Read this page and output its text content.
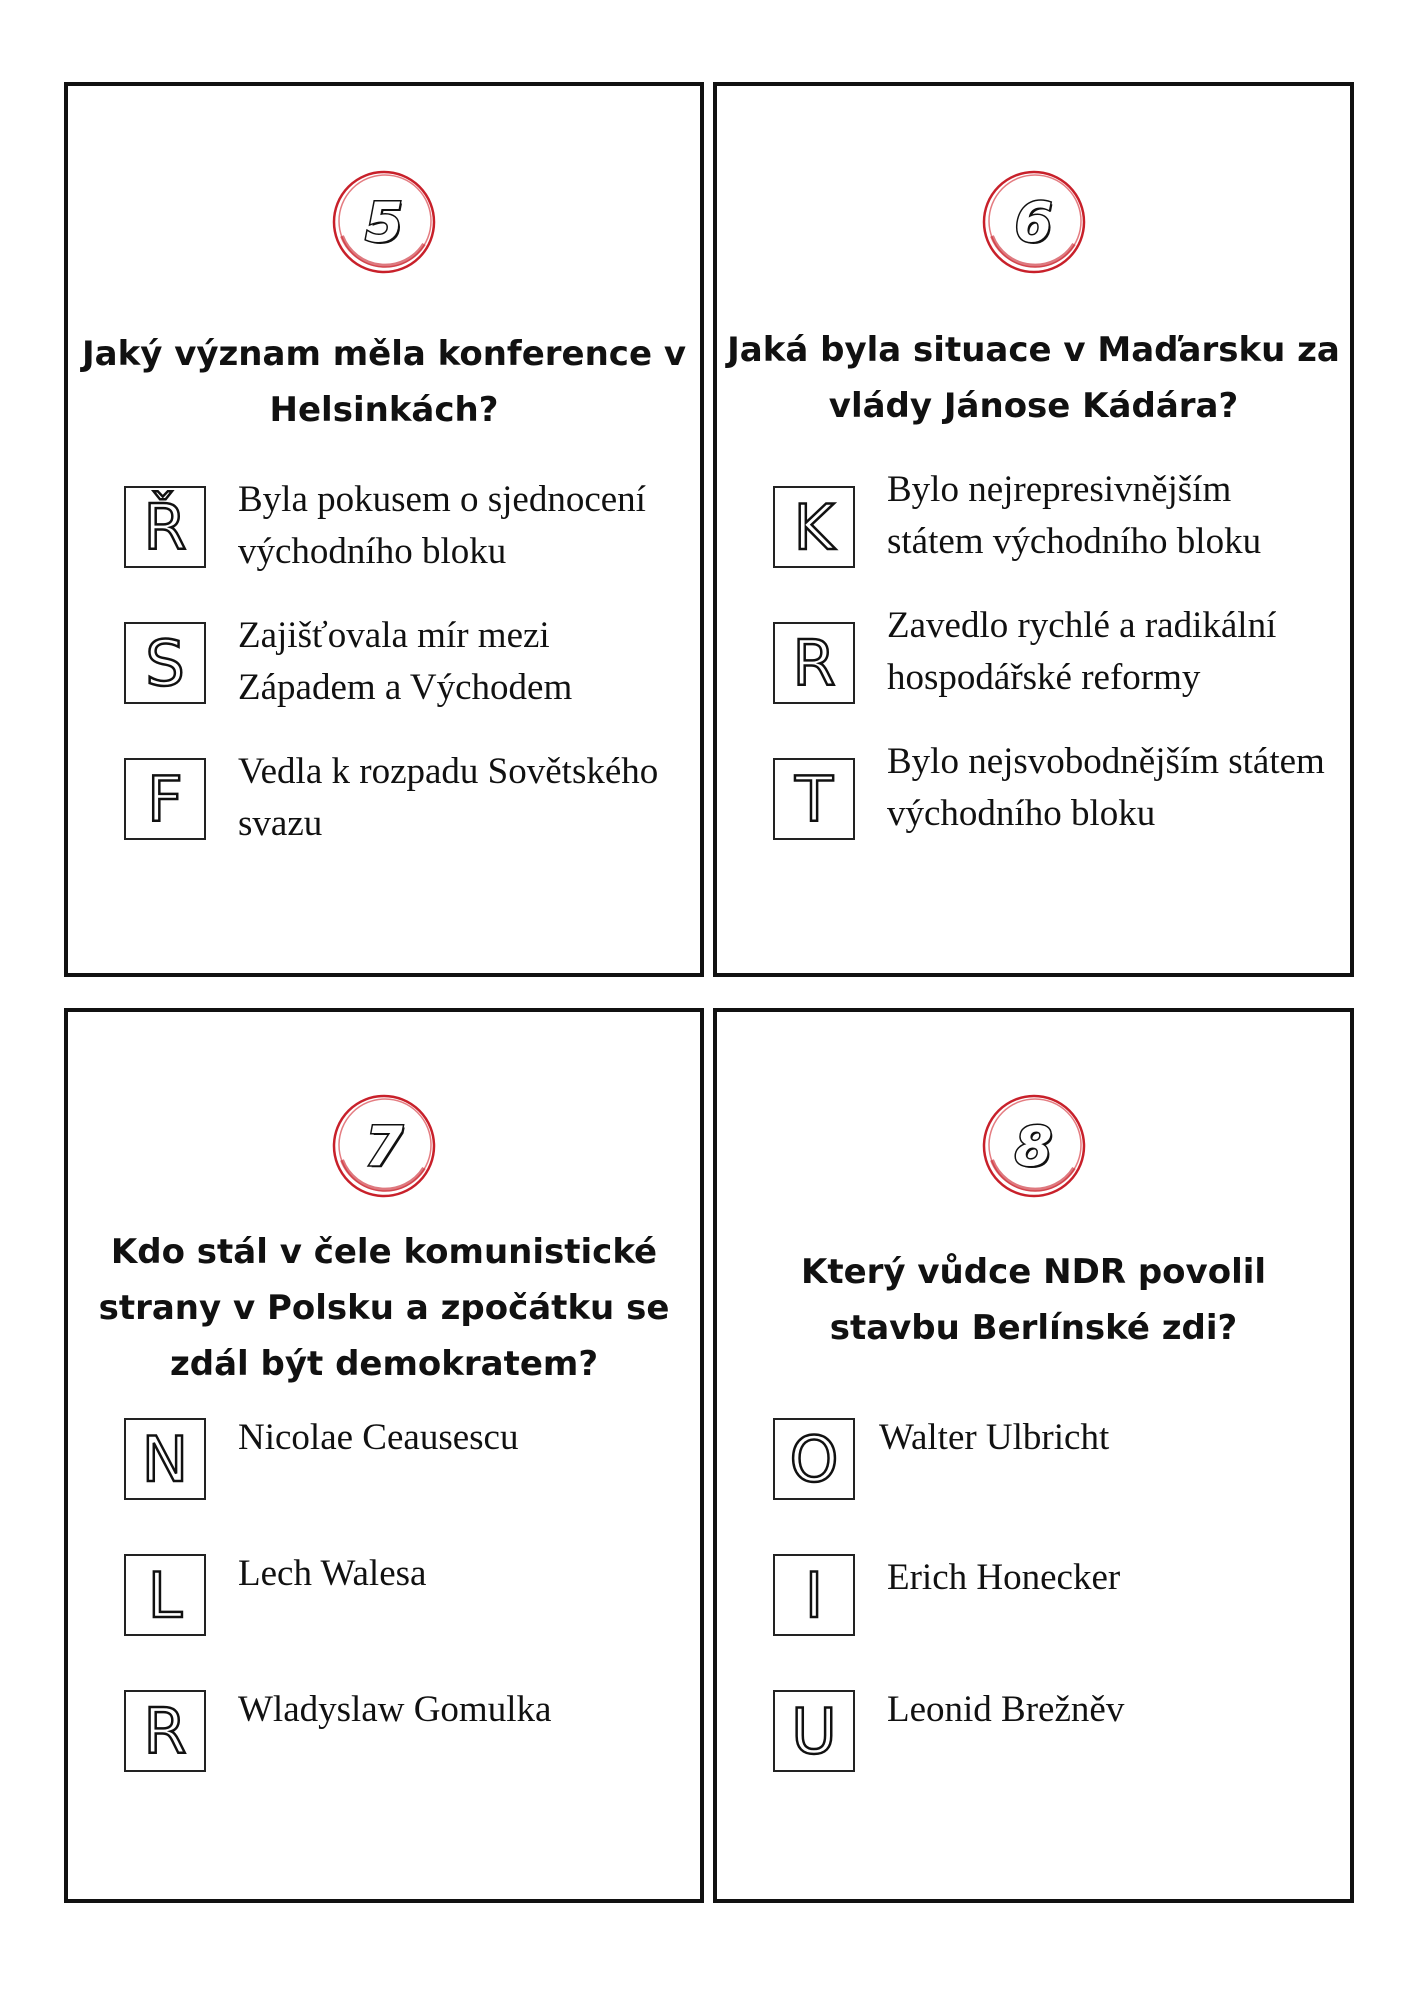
5
Jaký význam měla konference v Helsinkách?
Ř	Byla pokusem o sjednocení východního bloku
S	Zajišťovala mír mezi Západem a Východem
F	Vedla k rozpadu Sovětského svazu
6
Jaká byla situace v Maďarsku za vlády Jánose Kádára?
K
Bylo nejrepresivnějším státem východního bloku
R
Zavedlo rychlé a radikální hospodářské reformy
T
Bylo nejsvobodnějším státem východního bloku
7
Kdo stál v čele komunistické strany v Polsku a zpočátku se zdál být demokratem?
N	Nicolae Ceausescu
L	Lech Walesa
R	Wladyslaw Gomulka
8
Který vůdce NDR povolil stavbu Berlínské zdi?
O	Walter Ulbricht
I	Erich Honecker
U	Leonid Brežněv
